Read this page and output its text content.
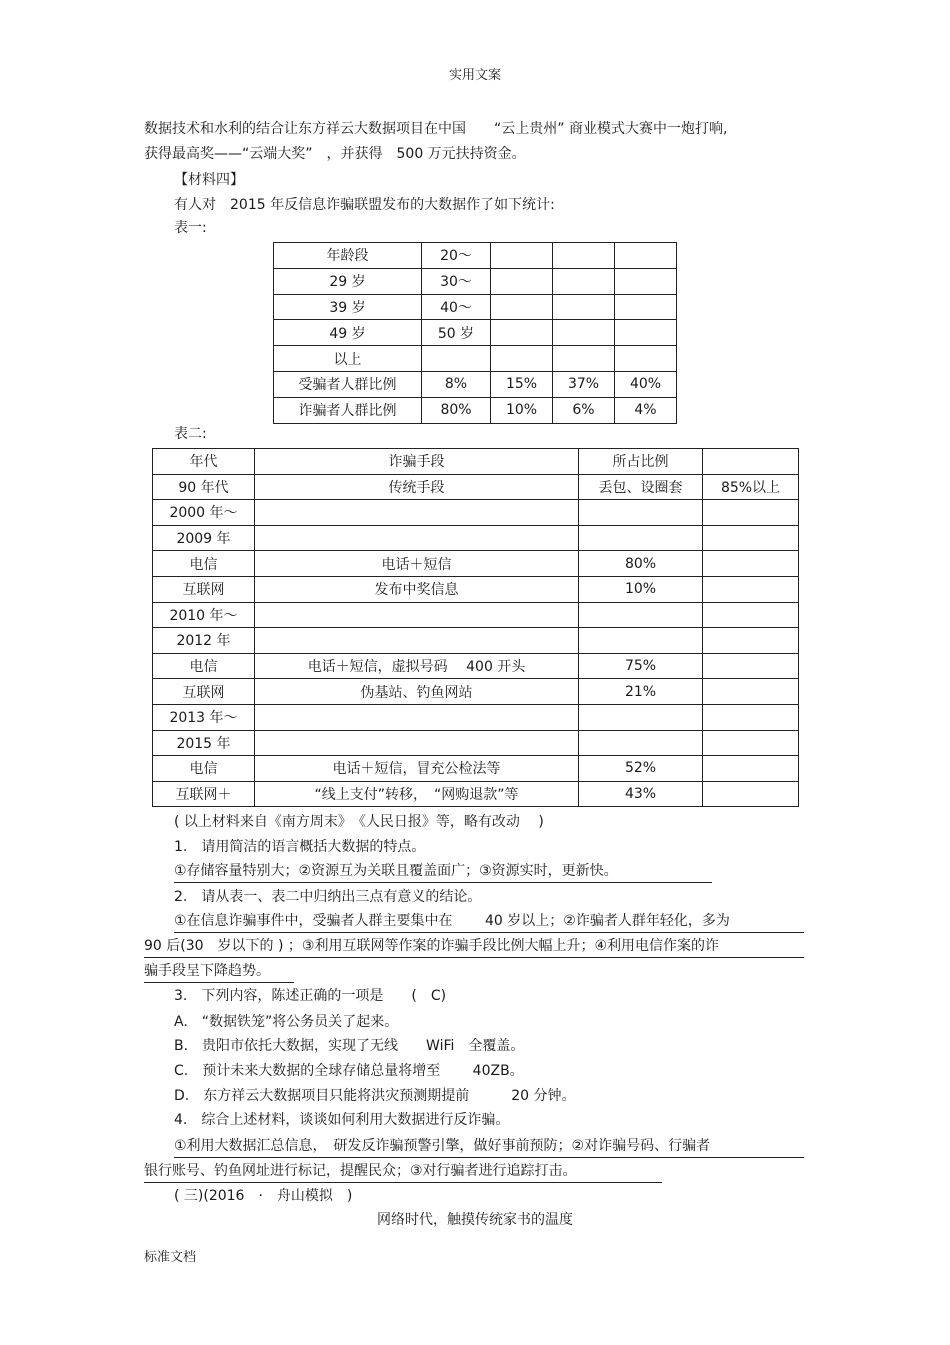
实用文案
数据技术和水利的结合让东方祥云大数据项目在中国　　“云上贵州” 商业模式大赛中一炮打响,
获得最高奖——“云端大奖”　，并获得　500 万元扶持资金。
【材料四】
有人对　2015 年反信息诈骗联盟发布的大数据作了如下统计:
表一:
年龄段	20～			
29 岁	30～			
39 岁	40～			
49 岁	50 岁			
以上				
受骗者人群比例	8%	15%	37%	40%
诈骗者人群比例	80%	10%	6%	4%
表二:
年代	诈骗手段	所占比例	
90 年代	传统手段	丢包、设圈套	85%以上
2000 年～			
2009 年			
电信	电话＋短信	80%	
互联网	发布中奖信息	10%	
2010 年～			
2012 年			
电信	电话＋短信，虚拟号码　 400 开头	75%	
互联网	伪基站、钓鱼网站	21%	
2013 年～			
2015 年			
电信	电话＋短信，冒充公检法等	52%	
互联网＋	“线上支付”转移，　“网购退款”等	43%	
( 以上材料来自《南方周末》　《人民日报》等，略有改动　 )
1.　请用简洁的语言概括大数据的特点。
①存储容量特别大；②资源互为关联且覆盖面广；③资源实时，更新快。
2.　请从表一、表二中归纳出三点有意义的结论。
①在信息诈骗事件中，受骗者人群主要集中在　　 40 岁以上；②诈骗者人群年轻化，多为
90 后(30　岁以下的 ) ；③利用互联网等作案的诈骗手段比例大幅上升；④利用电信作案的诈
骗手段呈下降趋势。
3.　下列内容，陈述正确的一项是　　(　C)
A.　“数据铁笼”将公务员关了起来。
B.　贵阳市依托大数据，实现了无线　　WiFi　全覆盖。
C.　预计未来大数据的全球存储总量将增至　　 40ZB。
D.　东方祥云大数据项目只能将洪灾预测期提前　　　20 分钟。
4.　综合上述材料，谈谈如何利用大数据进行反诈骗。
①利用大数据汇总信息，　研发反诈骗预警引擎，做好事前预防；②对诈骗号码、行骗者
银行账号、钓鱼网址进行标记，提醒民众；③对行骗者进行追踪打击。
( 三)(2016　·　舟山模拟　)
网络时代，触摸传统家书的温度
标准文档
